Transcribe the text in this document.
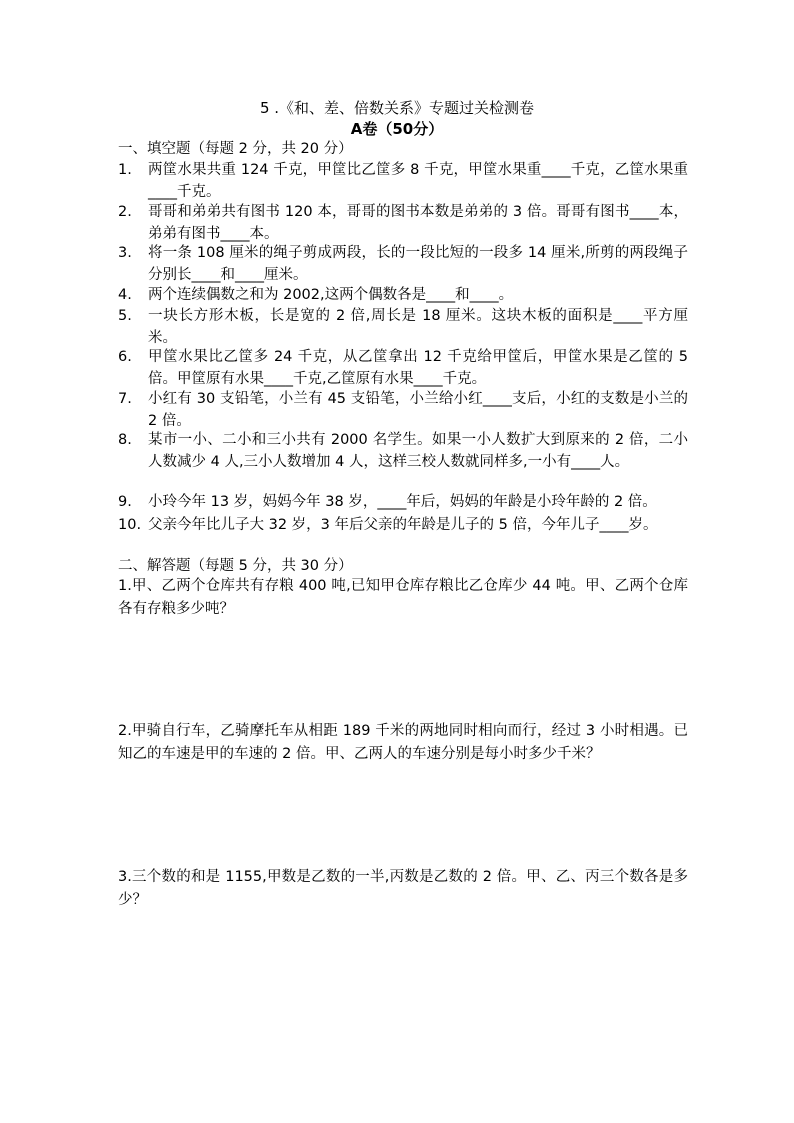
5 .《和、差、倍数关系》专题过关检测卷
A卷（50分）
一、填空题（每题 2 分，共 20 分）
1. 两筐水果共重 124 千克，甲筐比乙筐多 8 千克，甲筐水果重____千克，乙筐水果重____千克。
2. 哥哥和弟弟共有图书 120 本，哥哥的图书本数是弟弟的 3 倍。哥哥有图书____本，弟弟有图书____本。
3. 将一条 108 厘米的绳子剪成两段，长的一段比短的一段多 14 厘米,所剪的两段绳子分别长____和____厘米。
4. 两个连续偶数之和为 2002,这两个偶数各是____和____。
5. 一块长方形木板，长是宽的 2 倍,周长是 18 厘米。这块木板的面积是____平方厘米。
6. 甲筐水果比乙筐多 24 千克，从乙筐拿出 12 千克给甲筐后，甲筐水果是乙筐的 5 倍。甲筐原有水果____千克,乙筐原有水果____千克。
7. 小红有 30 支铅笔，小兰有 45 支铅笔，小兰给小红____支后，小红的支数是小兰的 2 倍。
8. 某市一小、二小和三小共有 2000 名学生。如果一小人数扩大到原来的 2 倍，二小人数减少 4 人,三小人数增加 4 人，这样三校人数就同样多,一小有____人。
9. 小玲今年 13 岁，妈妈今年 38 岁，____年后，妈妈的年龄是小玲年龄的 2 倍。
10. 父亲今年比儿子大 32 岁，3 年后父亲的年龄是儿子的 5 倍，今年儿子____岁。
二、解答题（每题 5 分，共 30 分）
1.甲、乙两个仓库共有存粮 400 吨,已知甲仓库存粮比乙仓库少 44 吨。甲、乙两个仓库各有存粮多少吨？
2.甲骑自行车，乙骑摩托车从相距 189 千米的两地同时相向而行，经过 3 小时相遇。已知乙的车速是甲的车速的 2 倍。甲、乙两人的车速分别是每小时多少千米？
3.三个数的和是 1155,甲数是乙数的一半,丙数是乙数的 2 倍。甲、乙、丙三个数各是多少？
